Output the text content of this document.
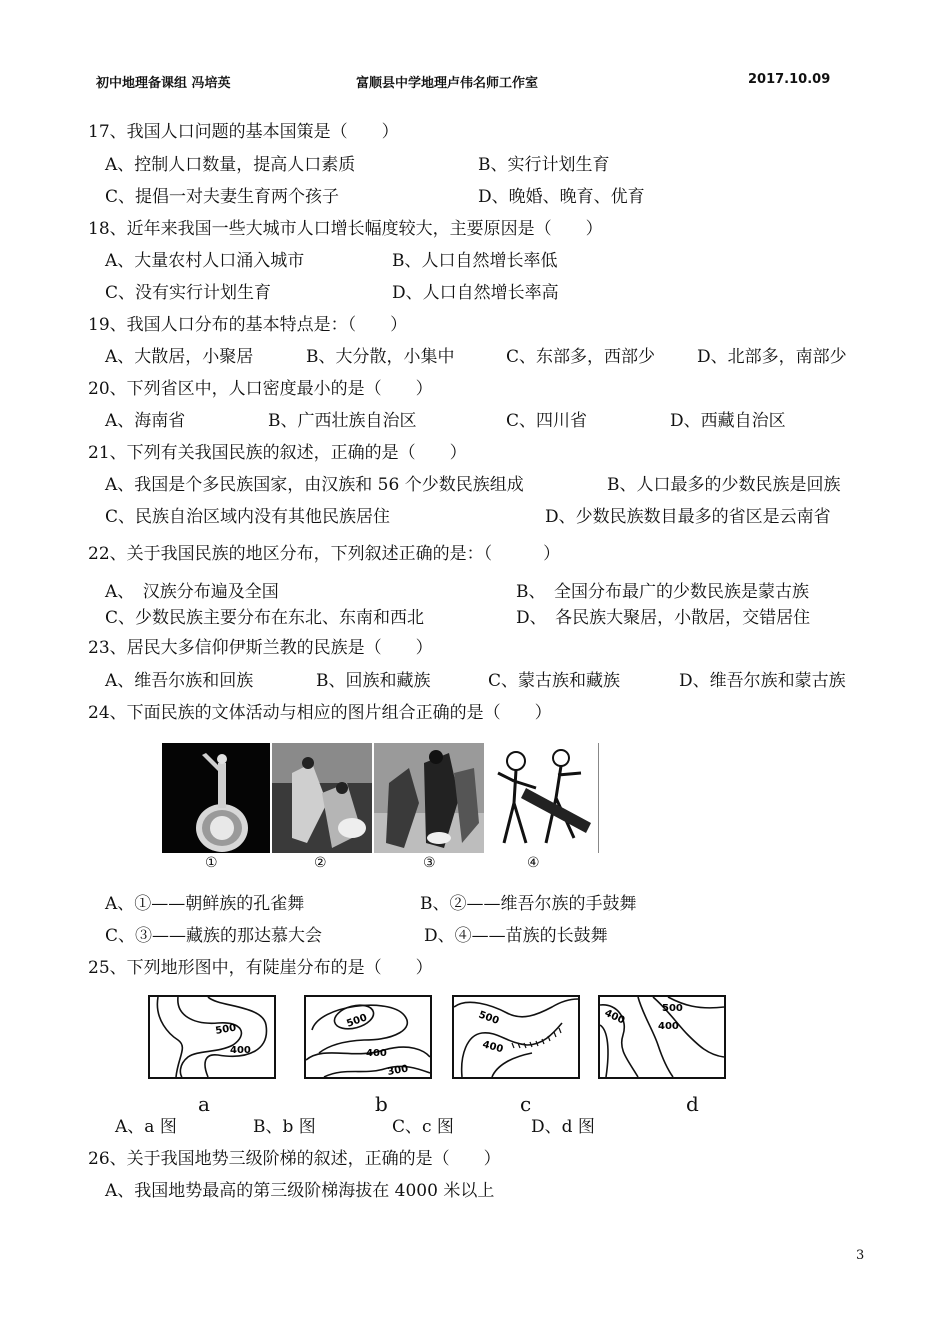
初中地理备课组 冯培英	富顺县中学地理卢伟名师工作室	2017.10.09
17、我国人口问题的基本国策是（　　）
A、控制人口数量，提高人口素质	B、实行计划生育
C、提倡一对夫妻生育两个孩子	D、晚婚、晚育、优育
18、近年来我国一些大城市人口增长幅度较大，主要原因是（　　）
A、大量农村人口涌入城市	B、人口自然增长率低
C、没有实行计划生育	D、人口自然增长率高
19、我国人口分布的基本特点是：（　　）
A、大散居，小聚居	B、大分散，小集中	C、东部多，西部少 D、北部多，南部少
20、下列省区中，人口密度最小的是（　　）
A、海南省	B、广西壮族自治区	C、四川省	D、西藏自治区
21、下列有关我国民族的叙述，正确的是（　　）
A、我国是个多民族国家，由汉族和 56 个少数民族组成	B、人口最多的少数民族是回族
C、民族自治区域内没有其他民族居住	D、少数民族数目最多的省区是云南省
22、关于我国民族的地区分布，下列叙述正确的是：（　　　）
A、　汉族分布遍及全国	B、　全国分布最广的少数民族是蒙古族
C、少数民族主要分布在东北、东南和西北	D、　各民族大聚居，小散居，交错居住
23、居民大多信仰伊斯兰教的民族是（　　）
A、维吾尔族和回族	B、回族和藏族	C、蒙古族和藏族	D、维吾尔族和蒙古族
24、下面民族的文体活动与相应的图片组合正确的是（　　）
①	②	③	④
A、①——朝鲜族的孔雀舞	B、②——维吾尔族的手鼓舞
C、③——藏族的那达慕大会	D、④——苗族的长鼓舞
25、下列地形图中，有陡崖分布的是（　　）
500
400
500
400
300
500
400
400	500
400
a	b	c	d
A、a 图	B、b 图	C、c 图	D、d 图
26、关于我国地势三级阶梯的叙述，正确的是（　　）
A、我国地势最高的第三级阶梯海拔在 4000 米以上
3
